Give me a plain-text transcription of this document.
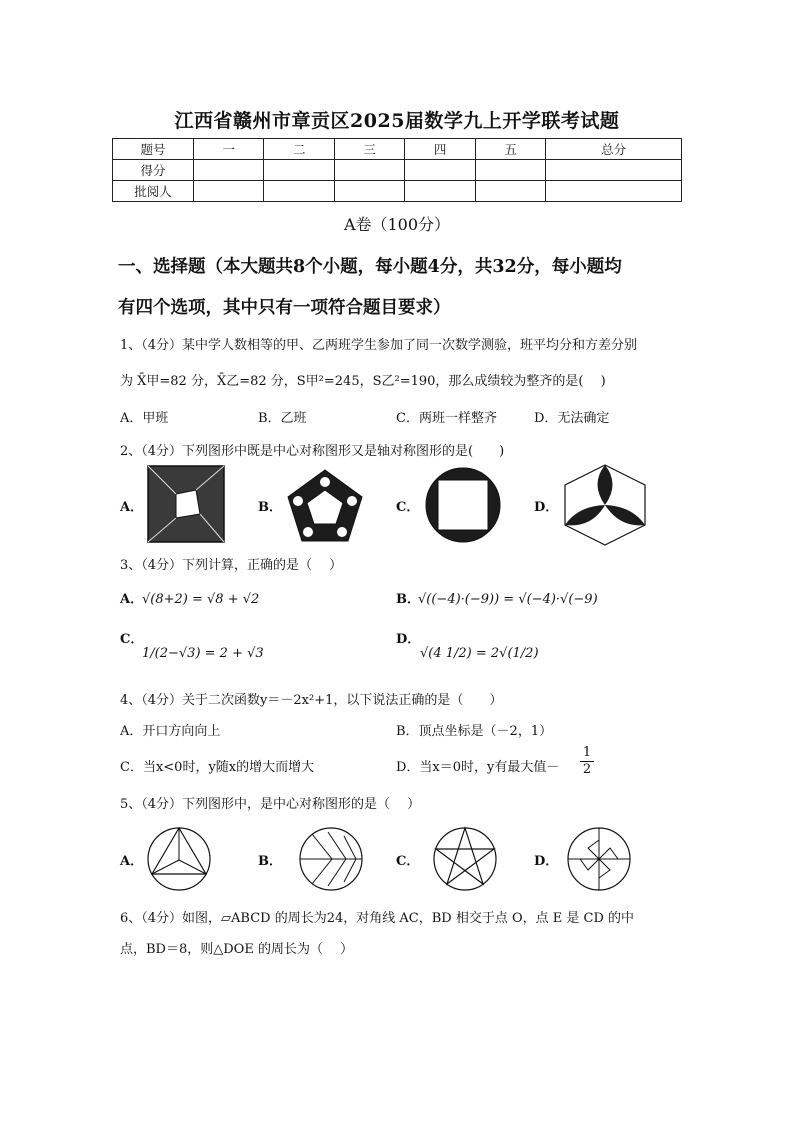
江西省赣州市章贡区2025届数学九上开学联考试题
题号	一	二	三	四	五	总分
得分						
批阅人						
A卷（100分）
一、选择题（本大题共8个小题，每小题4分，共32分，每小题均
有四个选项，其中只有一项符合题目要求）
1、（4分）某中学人数相等的甲、乙两班学生参加了同一次数学测验，班平均分和方差分别
为 X̄甲=82 分，X̄乙=82 分，S甲²=245，S乙²=190，那么成绩较为整齐的是(　 )
A．甲班	B．乙班	C．两班一样整齐	D．无法确定
2、（4分）下列图形中既是中心对称图形又是轴对称图形的是(　　)
A．	B．	C．	D．
3、（4分）下列计算，正确的是（　 ）
A．
√(8+2) = √8 + √2	B．
√((−4)·(−9)) = √(−4)·√(−9)
C．
1/(2−√3) = 2 + √3
D．
√(4 1/2) = 2√(1/2)
4、（4分）关于二次函数y＝－2x²+1，以下说法正确的是（　　）
A．开口方向向上	B．顶点坐标是（－2，1）
C．当x<0时，y随x的增大而增大	D．当x＝0时，y有最大值－ $\frac{1}{2}$
5、（4分）下列图形中，是中心对称图形的是（　 ）
A．	B．	C．	D．
6、（4分）如图，▱ABCD 的周长为24，对角线 AC，BD 相交于点 O，点 E 是 CD 的中
点，BD＝8，则△DOE 的周长为（　 ）
